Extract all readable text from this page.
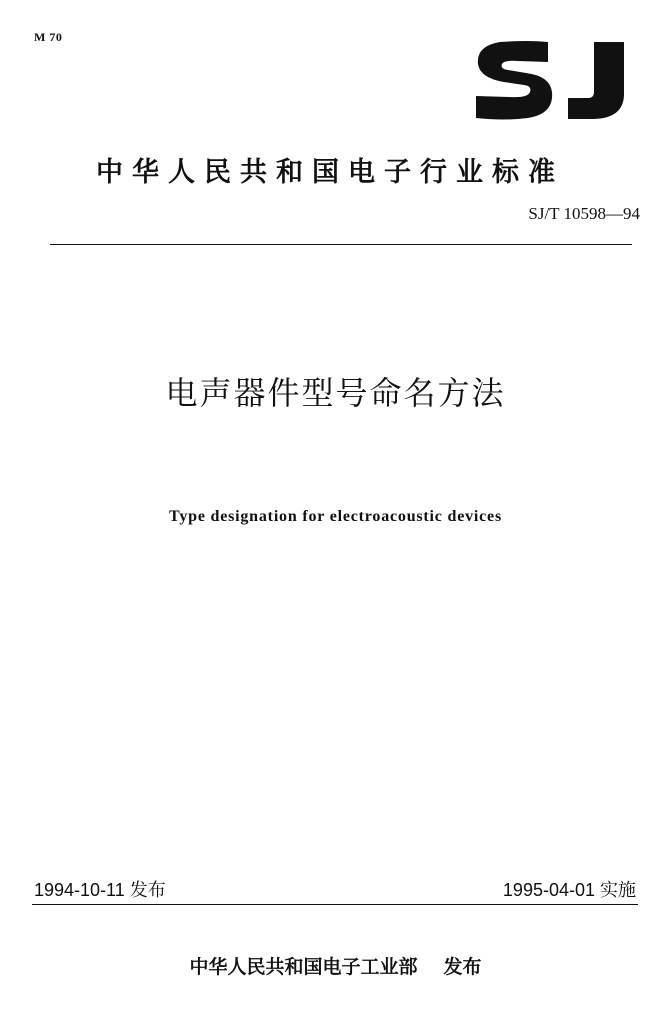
M 70
中华人民共和国电子行业标准
SJ/T 10598—94
电声器件型号命名方法
Type designation for electroacoustic devices
1994-10-11 发布	1995-04-01 实施
中华人民共和国电子工业部 发布
